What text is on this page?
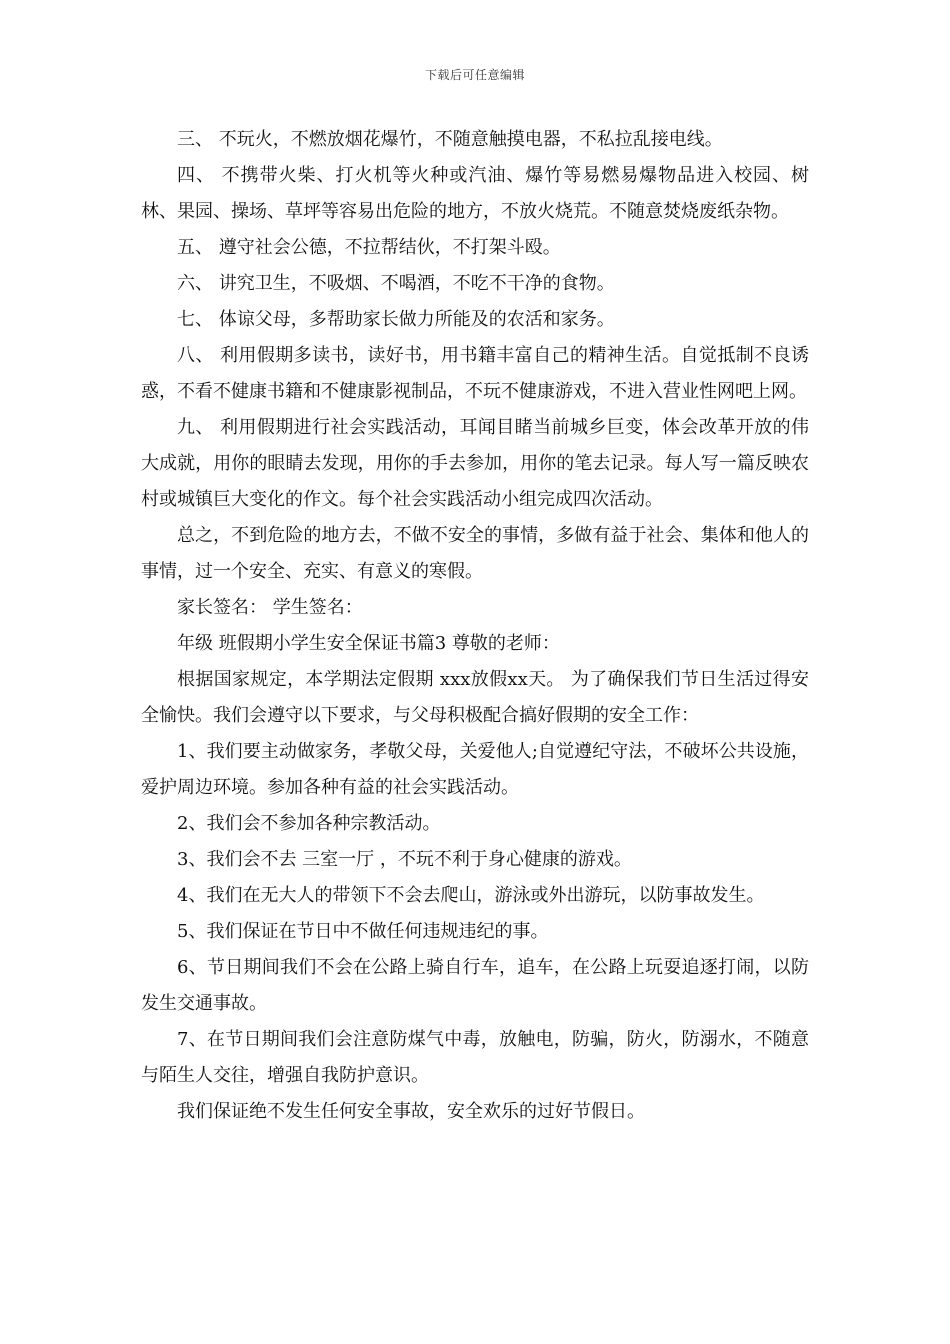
下载后可任意编辑

三、 不玩火，不燃放烟花爆竹，不随意触摸电器，不私拉乱接电线。

四、 不携带火柴、打火机等火种或汽油、爆竹等易燃易爆物品进入校园、树林、果园、操场、草坪等容易出危险的地方，不放火烧荒。不随意焚烧废纸杂物。

五、 遵守社会公德，不拉帮结伙，不打架斗殴。

六、 讲究卫生，不吸烟、不喝酒，不吃不干净的食物。

七、 体谅父母，多帮助家长做力所能及的农活和家务。

八、 利用假期多读书，读好书，用书籍丰富自己的精神生活。自觉抵制不良诱惑，不看不健康书籍和不健康影视制品，不玩不健康游戏，不进入营业性网吧上网。

九、 利用假期进行社会实践活动，耳闻目睹当前城乡巨变，体会改革开放的伟大成就，用你的眼睛去发现，用你的手去参加，用你的笔去记录。每人写一篇反映农村或城镇巨大变化的作文。每个社会实践活动小组完成四次活动。

总之，不到危险的地方去，不做不安全的事情，多做有益于社会、集体和他人的事情，过一个安全、充实、有意义的寒假。

家长签名： 学生签名：

年级 班假期小学生安全保证书篇3 尊敬的老师：

根据国家规定，本学期法定假期 xxx放假xx天。 为了确保我们节日生活过得安全愉快。我们会遵守以下要求，与父母积极配合搞好假期的安全工作：

1、我们要主动做家务，孝敬父母，关爱他人;自觉遵纪守法，不破坏公共设施，爱护周边环境。参加各种有益的社会实践活动。

2、我们会不参加各种宗教活动。

3、我们会不去 三室一厅 ，不玩不利于身心健康的游戏。

4、我们在无大人的带领下不会去爬山，游泳或外出游玩，以防事故发生。

5、我们保证在节日中不做任何违规违纪的事。

6、节日期间我们不会在公路上骑自行车，追车，在公路上玩耍追逐打闹，以防发生交通事故。

7、在节日期间我们会注意防煤气中毒，放触电，防骗，防火，防溺水，不随意与陌生人交往，增强自我防护意识。

我们保证绝不发生任何安全事故，安全欢乐的过好节假日。
